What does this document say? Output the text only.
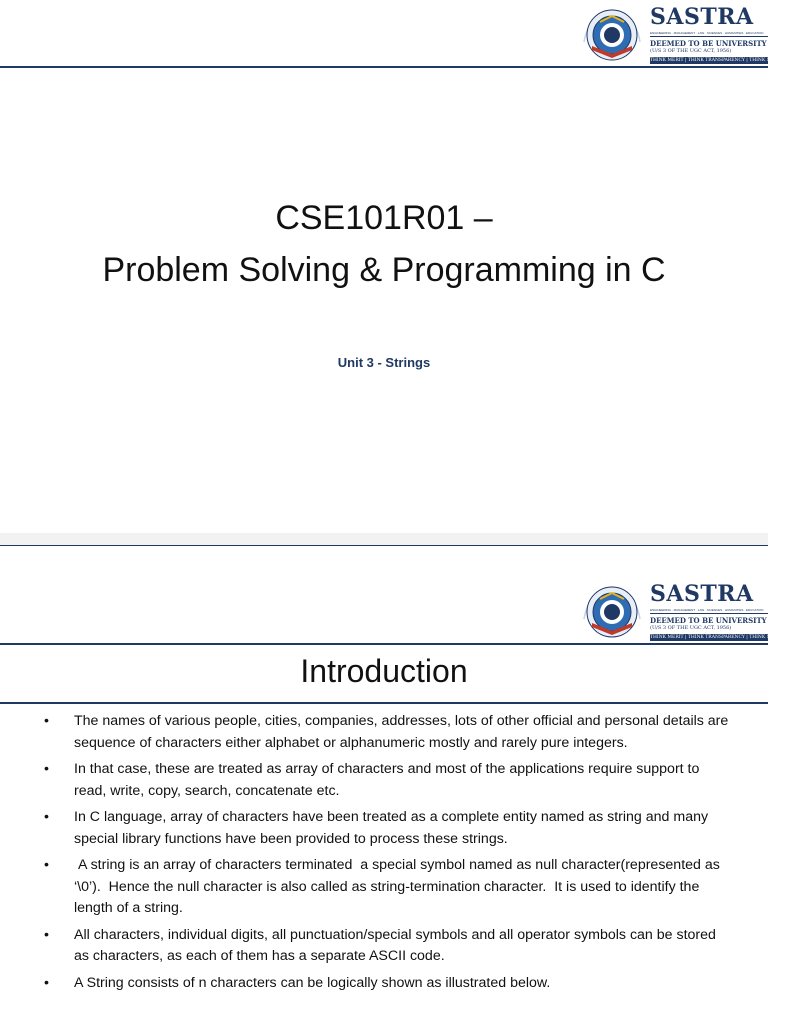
SASTRA
ENGINEERING · MANAGEMENT · LAW · SCIENCES · HUMANITIES · EDUCATION
DEEMED TO BE UNIVERSITY
(U/S 3 OF THE UGC ACT, 1956)
THINK MERIT | THINK TRANSPARENCY | THINK SASTRA
CSE101R01 –
Problem Solving & Programming in C
Unit 3 - Strings
SASTRA
ENGINEERING · MANAGEMENT · LAW · SCIENCES · HUMANITIES · EDUCATION
DEEMED TO BE UNIVERSITY
(U/S 3 OF THE UGC ACT, 1956)
THINK MERIT | THINK TRANSPARENCY | THINK SASTRA
Introduction
• The names of various people, cities, companies, addresses, lots of other official and personal details are sequence of characters either alphabet or alphanumeric mostly and rarely pure integers.
• In that case, these are treated as array of characters and most of the applications require support to read, write, copy, search, concatenate etc.
• In C language, array of characters have been treated as a complete entity named as string and many special library functions have been provided to process these strings.
• A string is an array of characters terminated  a special symbol named as null character(represented as ‘\0’).  Hence the null character is also called as string-termination character.  It is used to identify the length of a string.
• All characters, individual digits, all punctuation/special symbols and all operator symbols can be stored as characters, as each of them has a separate ASCII code.
• A String consists of n characters can be logically shown as illustrated below.
